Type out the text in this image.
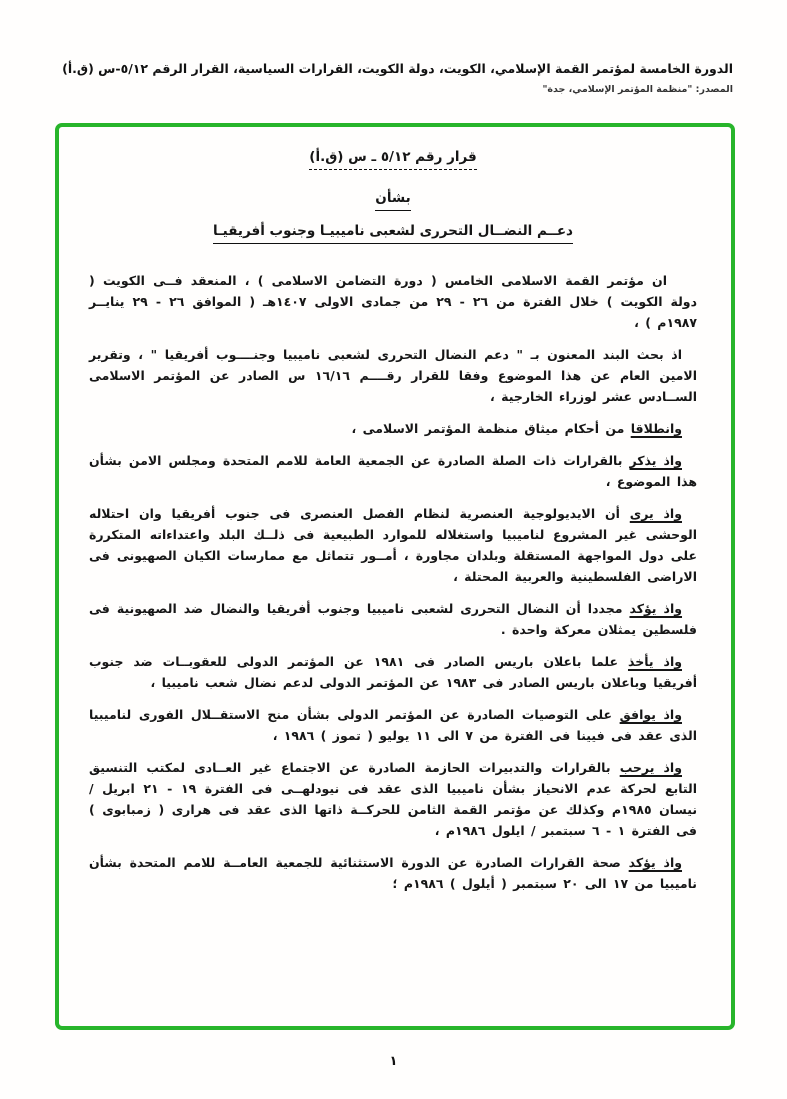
الدورة الخامسة لمؤتمر القمة الإسلامي، الكويت، دولة الكويت، القرارات السياسية، القرار الرقم ٥/١٢-س (ق.أ)
المصدر: "منظمة المؤتمر الإسلامي، جدة"
قرار رقم ٥/١٢ ـ س (ق.أ)
بشأن
دعــم النضــال التحررى لشعبى ناميبيـا وجنوب أفريقيـا

ان مؤتمر القمة الاسلامى الخامس ( دورة التضامن الاسلامى ) ، المنعقد فــى الكويت ( دولة الكويت ) خلال الفترة من ٢٦ - ٢٩ من جمادى الاولى ١٤٠٧هـ ( الموافق ٢٦ - ٢٩ ينايــر ١٩٨٧م ) ،

اذ بحث البند المعنون بـ " دعم النضال التحررى لشعبى ناميبيا وجنــــوب أفريقيا " ، وتقرير الامين العام عن هذا الموضوع وفقا للقرار رقــــم ١٦/١٦ س الصادر عن المؤتمر الاسلامى الســادس عشر لوزراء الخارجية ،

وانطلاقا من أحكام ميثاق منظمة المؤتمر الاسلامى ،

واذ يذكر بالقرارات ذات الصلة الصادرة عن الجمعية العامة للامم المتحدة ومجلس الامن بشأن هذا الموضوع ،

واذ يرى أن الايديولوجية العنصرية لنظام الفصل العنصرى فى جنوب أفريقيا وان احتلاله الوحشى غير المشروع لناميبيا واستغلاله للموارد الطبيعية فى ذلــك البلد واعتداءاته المتكررة على دول المواجهة المستقلة وبلدان مجاورة ، أمــور تتماثل مع ممارسات الكيان الصهيونى فى الاراضى الفلسطينية والعربية المحتلة ،

واذ يؤكد مجددا أن النضال التحررى لشعبى ناميبيا وجنوب أفريقيا والنضال ضد الصهيونية فى فلسطين يمثلان معركة واحدة .

واذ يأخذ علما باعلان باريس الصادر فى ١٩٨١ عن المؤتمر الدولى للعقوبــات ضد جنوب أفريقيا وباعلان باريس الصادر فى ١٩٨٣ عن المؤتمر الدولى لدعم نضال شعب ناميبيا ،

واذ يوافق على التوصيات الصادرة عن المؤتمر الدولى بشأن منح الاستقــلال الفورى لناميبيا الذى عقد فى فيينا فى الفترة من ٧ الى ١١ يوليو ( تموز ) ١٩٨٦ ،

واذ يرحب بالقرارات والتدبيرات الحازمة الصادرة عن الاجتماع غير العــادى لمكتب التنسيق التابع لحركة عدم الانحياز بشأن ناميبيا الذى عقد فى نيودلهــى فى الفترة ١٩ - ٢١ ابريل / نيسان ١٩٨٥م وكذلك عن مؤتمر القمة الثامن للحركــة ذاتها الذى عقد فى هرارى ( زمبابوى ) فى الفترة ١ - ٦ سبتمبر / ايلول ١٩٨٦م ،

واذ يؤكد صحة القرارات الصادرة عن الدورة الاستثنائية للجمعية العامــة للامم المتحدة بشأن ناميبيا من ١٧ الى ٢٠ سبتمبر ( أيلول ) ١٩٨٦م ؛

١
